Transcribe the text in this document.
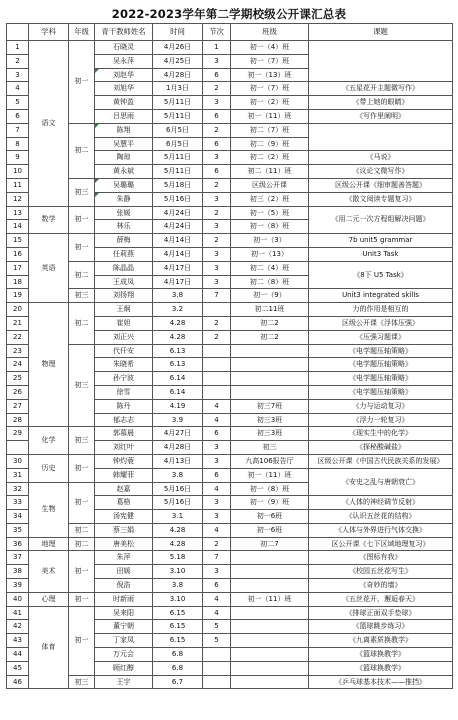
2022-2023学年第二学期校级公开课汇总表
	学科	年级	青干教师姓名	时间	节次	班级	课题
1	语文	初一	石晓灵	4月26日	1	初一（4）班	
2			吴永萍	4月25日	3	初一（7）班	
3			刘赵华	4月28日	6	初一（13）班	
4			刘旭华	1月3日	2	初一（7）班	《五星花开主题微写作》
5			黄钟盈	5月11日	3	初一（2）班	《带上她的眼睛》
6			吕思雨	5月11日	6	初一（11）班	《写作里阐明》
7		初二	陈翔	6月5日	2	初二（7）班	
8			吴慧平	6月5日	6	初二（9）班	
9			陶琼	5月11日	3	初二（2）班	《马说》
10			黄永斌	5月11日	6	初二（11）班	《议论文微写作》
11		初三	吴璐璐	5月18日	2	区级公开课	区级公开课《细审题善答题》
12			朱静	5月16日	3	初三（2）班	《散文阅读专题复习》
13	数学	初一	张媛	4月24日	2	初一（5）班	《用二元一次方程组解决问题》
14			林乐	4月24日	3	初一（8）班	
15	英语	初一	薛梅	4月14日	2	初一（3）	7b unit5 grammar
16			任莉燕	4月14日	3	初一（13）	Unit3 Task
17		初二	陈晶晶	4月17日	3	初二（4）班	《8下 U5 Task》
18			王成凤	4月17日	3	初二（8）班	
19		初三	刘扬翔	3.8	7	初一（9）	Unit3 integrated skills
20	物理	初二	王炯	3.2		初二11班	力的作用是相互的
21			崔妲	4.28	2	初二2	区级公开课《浮体压强》
22			刘正兴	4.28	2	初二2	《压强习题课》
23		初三	代仟安	6.13			《电学题压轴策略》
24			朱晓希	6.13			《电学题压轴策略》
25			孙宁波	6.14			《电学题压轴策略》
26			徐雪	6.14			《电学题压轴策略》
27			陈丹	4.19	4	初三7班	《力与运动复习》
28			郁志志	3.9	4	初三3班	《浮力一轮复习》
29	化学	初三	郭慕晨	4月27日	6	初三3班	《现实生中的化学》
			刘红叶	4月28日	3	初三	《探秘酸碱盐》
30	历史	初一	钟灼蓑	4月13日	3	九高106报告厅	区级公开课《中国古代民族关系的发展》
31			韩耀菲	3.8	6	初一（11）班	《安史之乱与唐朝衰亡》
32	生物	初一	赵嘉	5月16日	4	初一（8）班	
33			葛格	5月16日	3	初一（9）班	《人体的神经调节反射》
34			汤宪健	3.1	3	初一6班	《认识五丝花的结构》
35		初二	蔡三娟	4.28	4	初一6班	《人体与外界进行气体交换》
36	地理	初二	唐美松	4.28	2	初二7	区公开课《七下区域地理复习》
37	美术	初一	朱萍	5.18	7		《图标有我》
38			田媛	3.10	3		《校园五丝花写生》
39			倪浩	3.8	6		《奇妙的墙》
40	心理	初一	时新雨	3.10	4	初一（11）班	《五丝花开，邂逅春天》
41	体育	初一	吴来阳	6.15	4		《排球正面双手垫球》
42			董宁朝	6.15	5		《篮球跳步练习》
43			丁家凤	6.15	5		《九离素质换教学》
44			万元会	6.8			《篮球换教学》
45			顾红醇	6.8			《篮球换教学》
46		初三	王宇	6.7			《乒乓球基本技术——推挡》
